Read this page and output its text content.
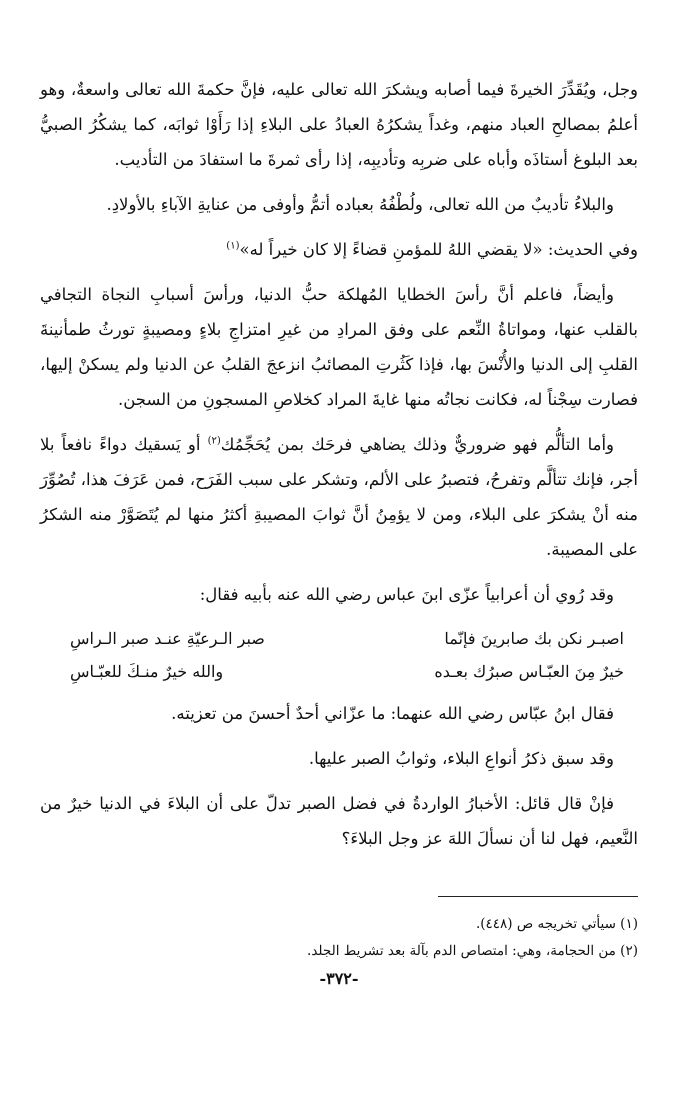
وجل، ويُقَدِّرَ الخيرةَ فيما أصابه ويشكرَ الله تعالى عليه، فإنَّ حكمةَ الله تعالى واسعةٌ، وهو أعلمُ بمصالحِ العباد منهم، وغداً يشكرُهُ العبادُ على البلاءِ إذا رَأَوْا ثوابَه، كما يشكُرُ الصبيُّ بعد البلوغ أستاذَه وأباه على ضربِه وتأديبِه، إذا رأى ثمرةَ ما استفادَ من التأديب.

والبلاءُ تأديبٌ من الله تعالى، ولُطْفُهُ بعباده أتمُّ وأوفى من عنايةِ الآباءِ بالأولادِ.

وفي الحديث: «لا يقضي اللهُ للمؤمنِ قضاءً إلا كان خيراً له»$^{(١)}$

وأيضاً، فاعلم أنَّ رأسَ الخطايا المُهلكة حبُّ الدنيا، ورأسَ أسبابِ النجاة التجافي بالقلب عنها، ومواتاةُ النِّعم على وفق المرادِ من غيرِ امتزاجِ بلاءٍ ومصيبةٍ تورثُ طمأنينةَ القلبِ إلى الدنيا والأُنْسَ بها، فإذا كَثُرتِ المصائبُ انزعجَ القلبُ عن الدنيا ولم يسكنْ إليها، فصارت سِجْناً له، فكانت نجاتُه منها غايةَ المراد كخلاصِ المسجونِ من السجن.

وأما التألُّم فهو ضروريٌّ وذلك يضاهي فرحَك بمن يُحَجِّمُك$^{(٢)}$ أو يَسقيك دواءً نافعاً بلا أجر، فإنك تتألَّم وتفرحُ، فتصبرُ على الألم، وتشكر على سبب الفَرَح، فمن عَرَفَ هذا، تُصُوِّرَ منه أنْ يشكرَ على البلاء، ومن لا يؤمِنُ أنَّ ثوابَ المصيبةِ أكثرُ منها لم يُتَصَوَّرْ منه الشكرُ على المصيبة.

وقد رُوي أن أعرابياً عزّى ابنَ عباس رضي الله عنه بأبيه فقال:

اصبـر نكن بك صابرينَ فإنّما
صبر الـرعيّةِ عنـد صبر الـراسِ
خيرٌ مِنَ العبّـاس صبرُك بعـده
والله خيرٌ منـكَ للعبّـاسِ

فقال ابنُ عبّاس رضي الله عنهما: ما عزّاني أحدٌ أحسنَ من تعزيته.

وقد سبق ذكرُ أنواعِ البلاء، وثوابُ الصبر عليها.

فإنْ قال قائل: الأخبارُ الواردةُ في فضل الصبر تدلّ على أن البلاءَ في الدنيا خيرٌ من النَّعيم، فهل لنا أن نسألَ اللهَ عز وجل البلاءَ؟

(١) سيأتي تخريجه ص (٤٤٨).

(٢) من الحجامة، وهي: امتصاص الدم بآلة بعد تشريط الجلد.

-٣٧٢-
